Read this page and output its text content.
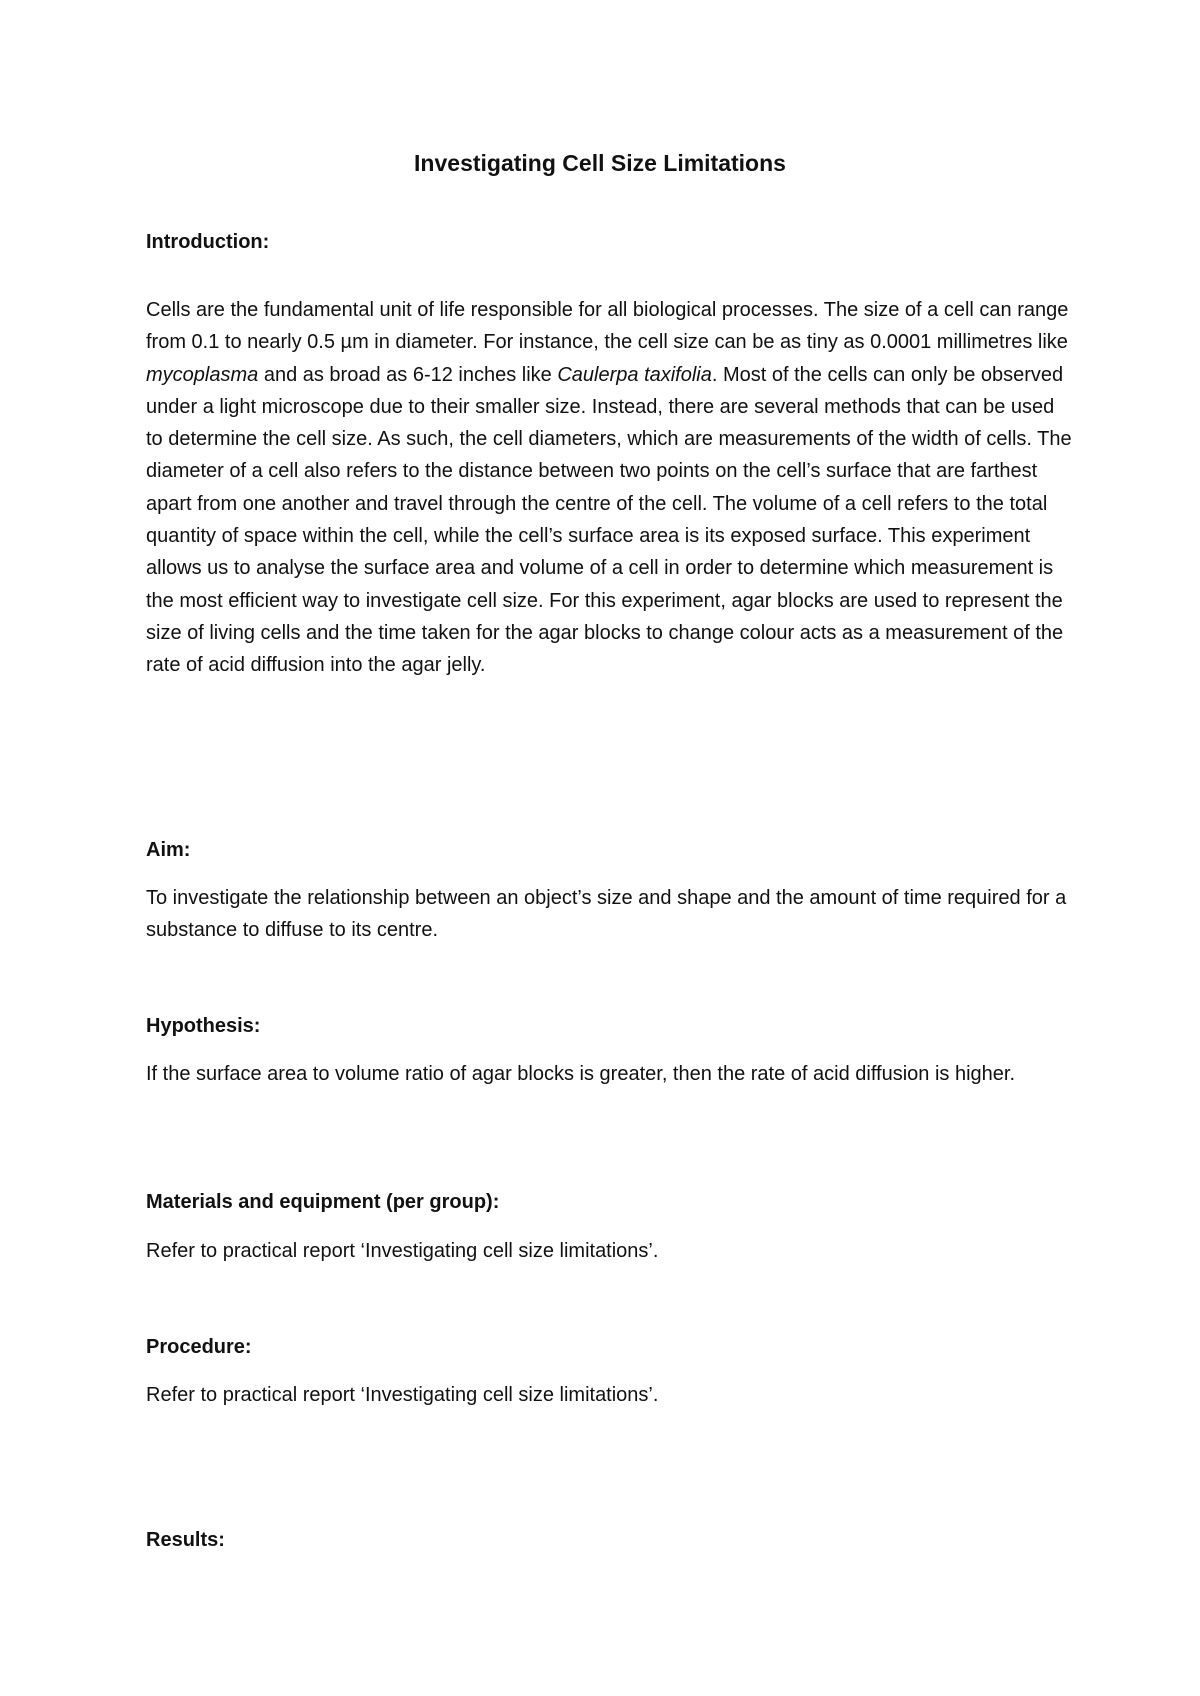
Investigating Cell Size Limitations
Introduction:

Cells are the fundamental unit of life responsible for all biological processes. The size of a cell can range from 0.1 to nearly 0.5 µm in diameter. For instance, the cell size can be as tiny as 0.0001 millimetres like mycoplasma and as broad as 6-12 inches like Caulerpa taxifolia. Most of the cells can only be observed under a light microscope due to their smaller size. Instead, there are several methods that can be used to determine the cell size. As such, the cell diameters, which are measurements of the width of cells. The diameter of a cell also refers to the distance between two points on the cell’s surface that are farthest apart from one another and travel through the centre of the cell. The volume of a cell refers to the total quantity of space within the cell, while the cell’s surface area is its exposed surface. This experiment allows us to analyse the surface area and volume of a cell in order to determine which measurement is the most efficient way to investigate cell size. For this experiment, agar blocks are used to represent the size of living cells and the time taken for the agar blocks to change colour acts as a measurement of the rate of acid diffusion into the agar jelly.

Aim:

To investigate the relationship between an object’s size and shape and the amount of time required for a substance to diffuse to its centre.

Hypothesis:

If the surface area to volume ratio of agar blocks is greater, then the rate of acid diffusion is higher.

Materials and equipment (per group):

Refer to practical report ‘Investigating cell size limitations’.

Procedure:

Refer to practical report ‘Investigating cell size limitations’.

Results:
